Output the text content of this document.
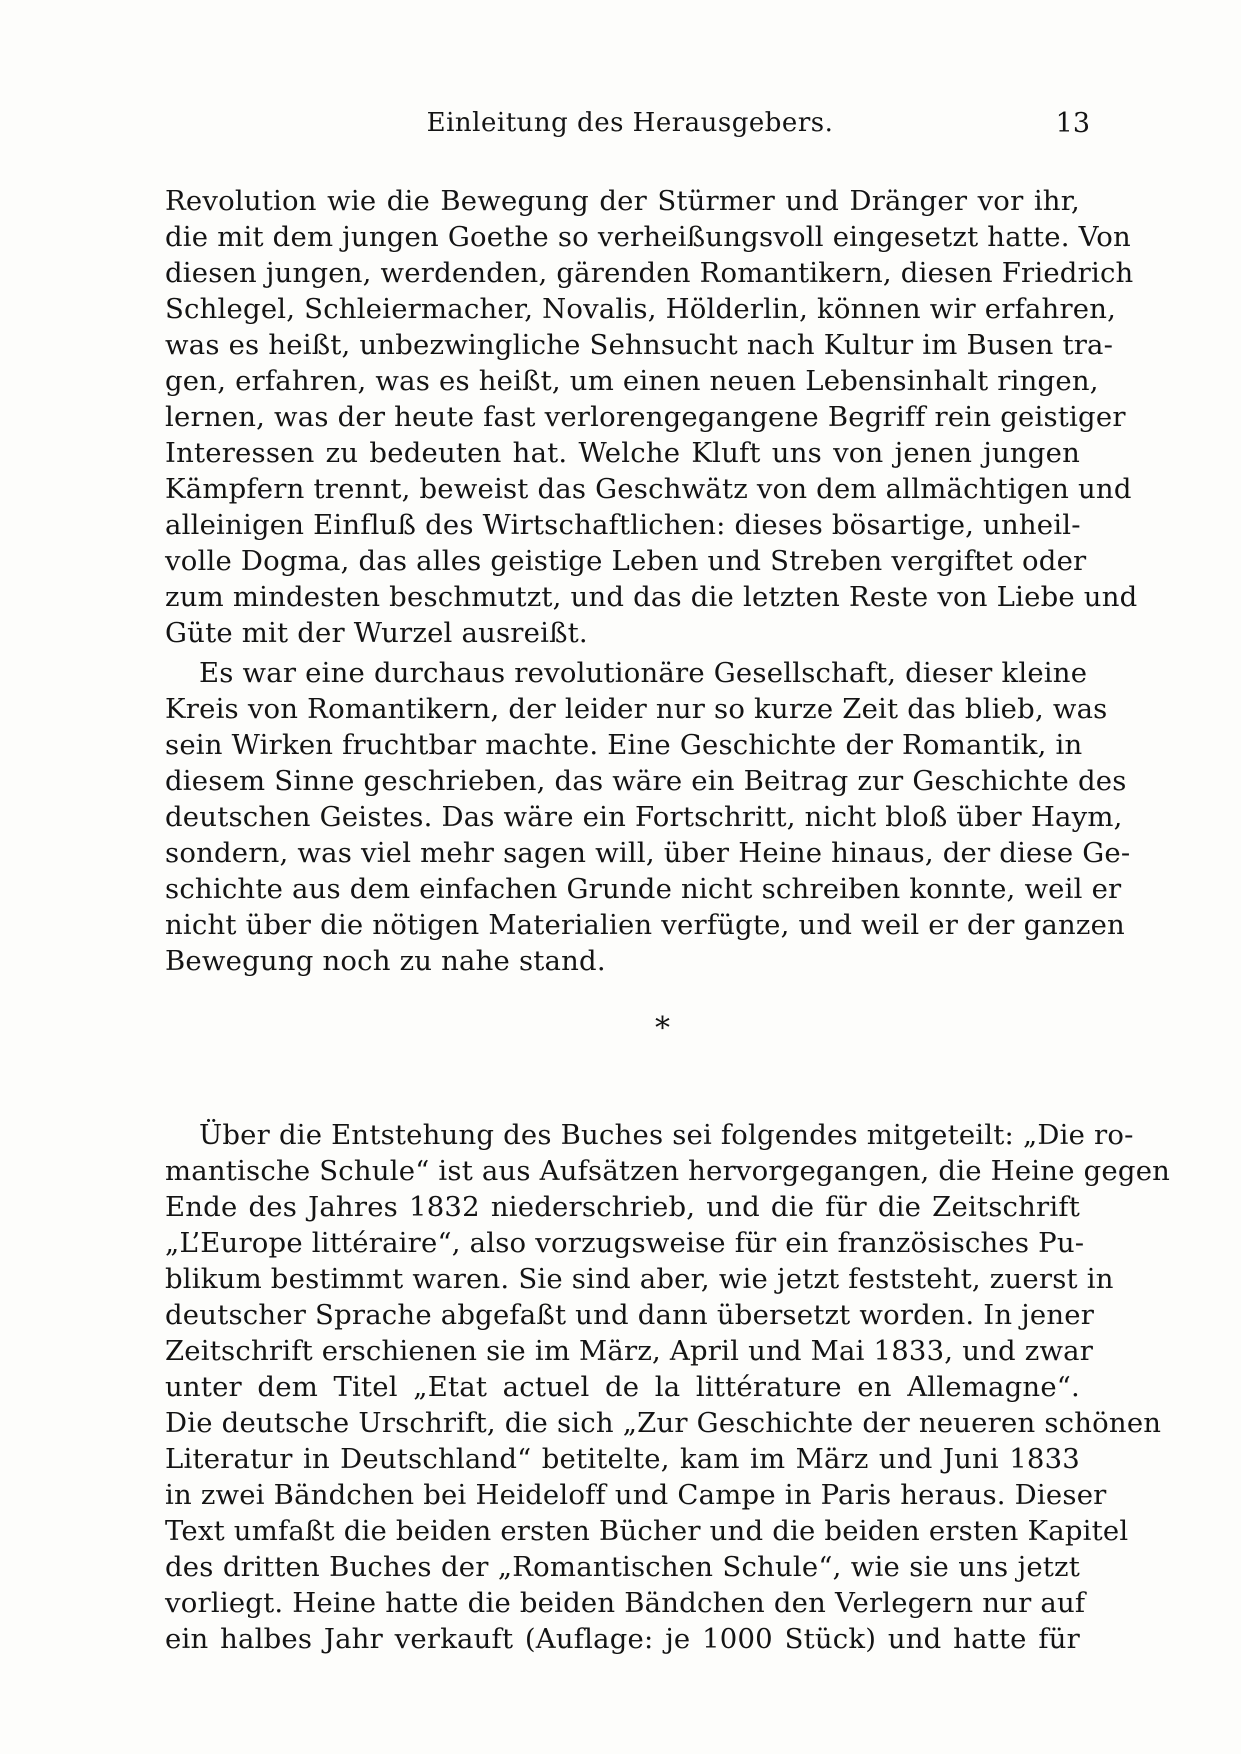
Einleitung des Herausgebers.	13
Revolution wie die Bewegung der Stürmer und Dränger vor ihr,
die mit dem jungen Goethe so verheißungsvoll eingesetzt hatte. Von
diesen jungen, werdenden, gärenden Romantikern, diesen Friedrich
Schlegel, Schleiermacher, Novalis, Hölderlin, können wir erfahren,
was es heißt, unbezwingliche Sehnsucht nach Kultur im Busen tra-
gen, erfahren, was es heißt, um einen neuen Lebensinhalt ringen,
lernen, was der heute fast verlorengegangene Begriff rein geistiger
Interessen zu bedeuten hat. Welche Kluft uns von jenen jungen
Kämpfern trennt, beweist das Geschwätz von dem allmächtigen und
alleinigen Einfluß des Wirtschaftlichen: dieses bösartige, unheil-
volle Dogma, das alles geistige Leben und Streben vergiftet oder
zum mindesten beschmutzt, und das die letzten Reste von Liebe und
Güte mit der Wurzel ausreißt.
Es war eine durchaus revolutionäre Gesellschaft, dieser kleine
Kreis von Romantikern, der leider nur so kurze Zeit das blieb, was
sein Wirken fruchtbar machte. Eine Geschichte der Romantik, in
diesem Sinne geschrieben, das wäre ein Beitrag zur Geschichte des
deutschen Geistes. Das wäre ein Fortschritt, nicht bloß über Haym,
sondern, was viel mehr sagen will, über Heine hinaus, der diese Ge-
schichte aus dem einfachen Grunde nicht schreiben konnte, weil er
nicht über die nötigen Materialien verfügte, und weil er der ganzen
Bewegung noch zu nahe stand.
*
Über die Entstehung des Buches sei folgendes mitgeteilt: „Die ro-
mantische Schule“ ist aus Aufsätzen hervorgegangen, die Heine gegen
Ende des Jahres 1832 niederschrieb, und die für die Zeitschrift
„L’Europe littéraire“, also vorzugsweise für ein französisches Pu-
blikum bestimmt waren. Sie sind aber, wie jetzt feststeht, zuerst in
deutscher Sprache abgefaßt und dann übersetzt worden. In jener
Zeitschrift erschienen sie im März, April und Mai 1833, und zwar
unter dem Titel „Etat actuel de la littérature en Allemagne“.
Die deutsche Urschrift, die sich „Zur Geschichte der neueren schönen
Literatur in Deutschland“ betitelte, kam im März und Juni 1833
in zwei Bändchen bei Heideloff und Campe in Paris heraus. Dieser
Text umfaßt die beiden ersten Bücher und die beiden ersten Kapitel
des dritten Buches der „Romantischen Schule“, wie sie uns jetzt
vorliegt. Heine hatte die beiden Bändchen den Verlegern nur auf
ein halbes Jahr verkauft (Auflage: je 1000 Stück) und hatte für
